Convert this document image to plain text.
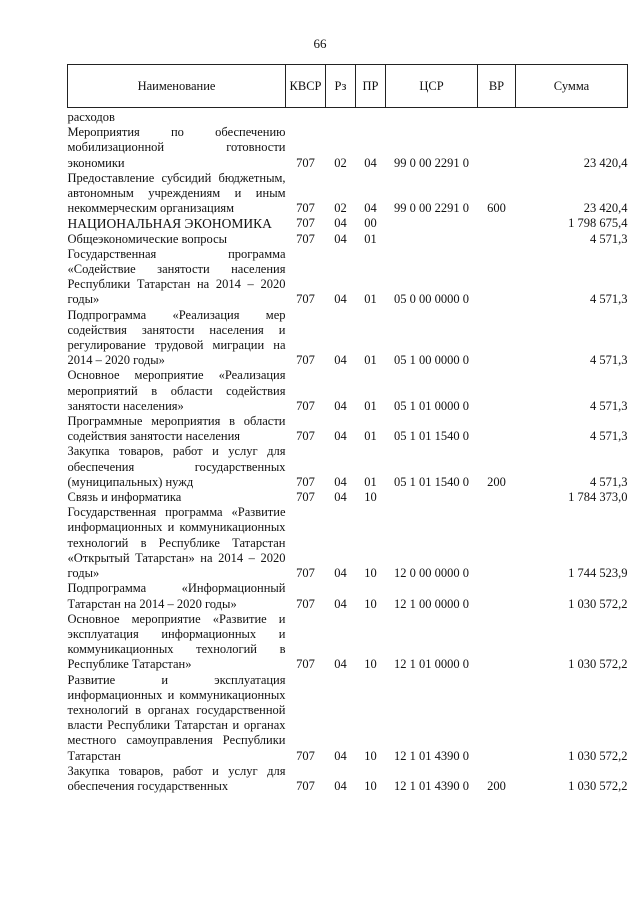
66
Наименование	КВСР	Рз	ПР	ЦСР	ВР	Сумма
расходов						
Мероприятия по обеспечению мобилизационной готовности экономики	707	02	04	99 0 00 2291 0		23 420,4
Предоставление субсидий бюджетным, автономным учреждениям и иным некоммерческим организациям	707	02	04	99 0 00 2291 0	600	23 420,4
НАЦИОНАЛЬНАЯ ЭКОНОМИКА	707	04	00			1 798 675,4
Общеэкономические вопросы	707	04	01			4 571,3
Государственная программа «Содействие занятости населения Республики Татарстан на 2014 – 2020 годы»	707	04	01	05 0 00 0000 0		4 571,3
Подпрограмма «Реализация мер содействия занятости населения и регулирование трудовой миграции на 2014 – 2020 годы»	707	04	01	05 1 00 0000 0		4 571,3
Основное мероприятие «Реализация мероприятий в области содействия занятости населения»	707	04	01	05 1 01 0000 0		4 571,3
Программные мероприятия в области содействия занятости населения	707	04	01	05 1 01 1540 0		4 571,3
Закупка товаров, работ и услуг для обеспечения государственных (муниципальных) нужд	707	04	01	05 1 01 1540 0	200	4 571,3
Связь и информатика	707	04	10			1 784 373,0
Государственная программа «Развитие информационных и коммуникационных технологий в Республике Татарстан «Открытый Татарстан» на 2014 – 2020 годы»	707	04	10	12 0 00 0000 0		1 744 523,9
Подпрограмма «Информационный Татарстан на 2014 – 2020 годы»	707	04	10	12 1 00 0000 0		1 030 572,2
Основное мероприятие «Развитие и эксплуатация информационных и коммуникационных технологий в Республике Татарстан»	707	04	10	12 1 01 0000 0		1 030 572,2
Развитие и эксплуатация информационных и коммуникационных технологий в органах государственной власти Республики Татарстан и органах местного самоуправления Республики Татарстан	707	04	10	12 1 01 4390 0		1 030 572,2
Закупка товаров, работ и услуг для обеспечения государственных	707	04	10	12 1 01 4390 0	200	1 030 572,2
